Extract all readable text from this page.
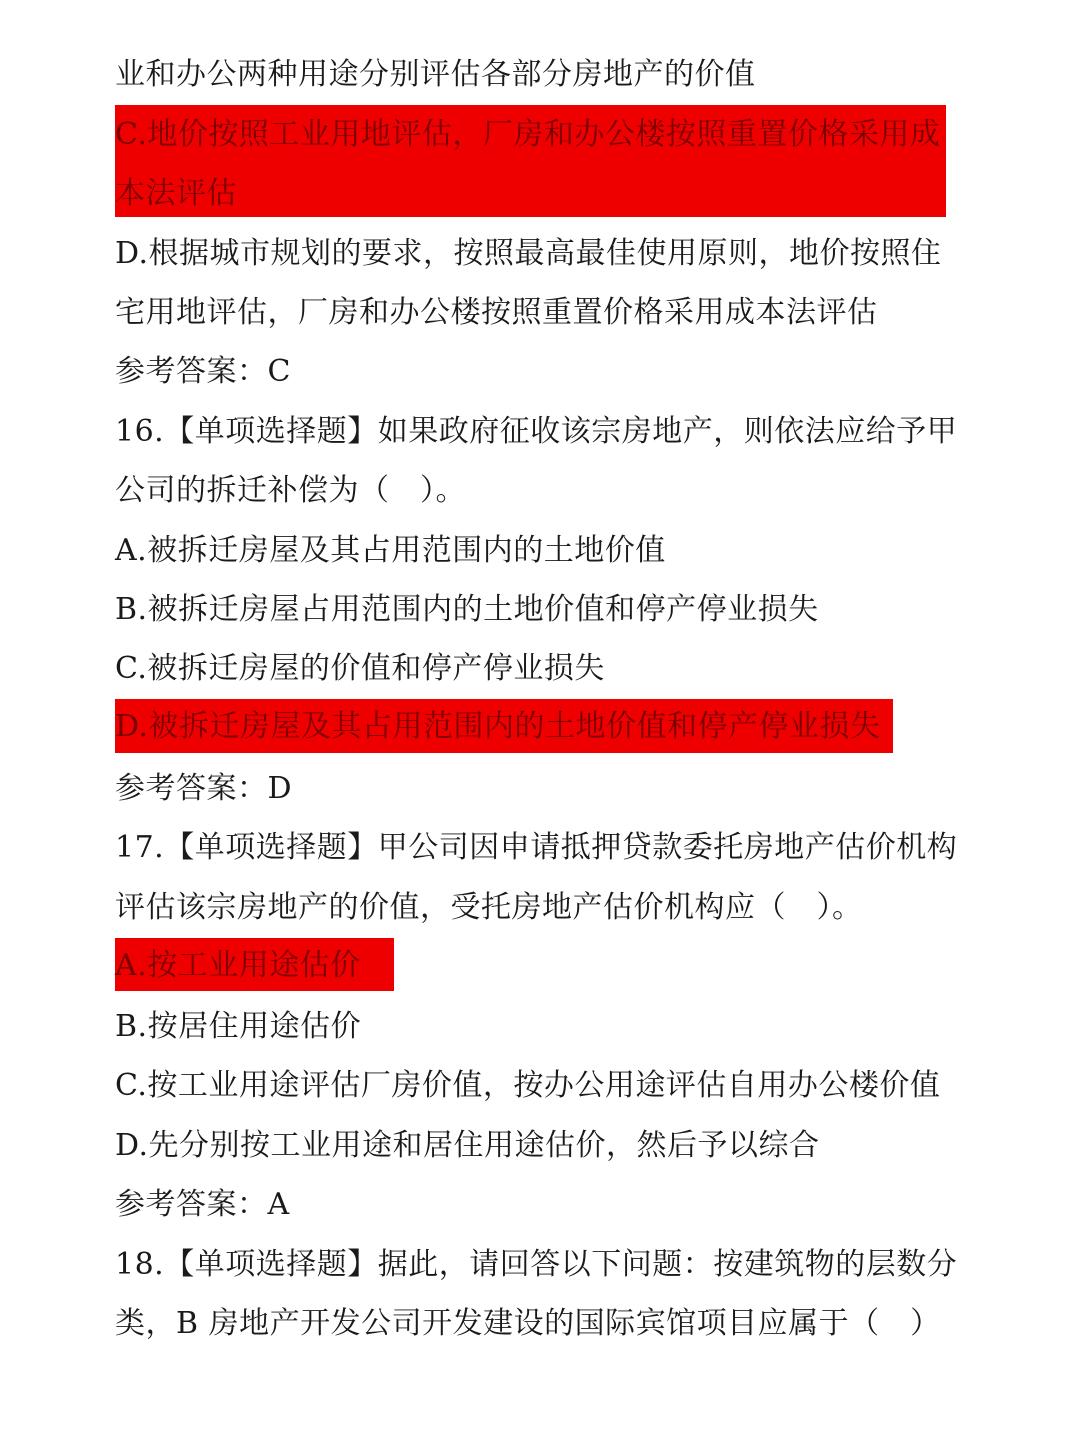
业和办公两种用途分别评估各部分房地产的价值
C.地价按照工业用地评估，厂房和办公楼按照重置价格采用成
本法评估
D.根据城市规划的要求，按照最高最佳使用原则，地价按照住
宅用地评估，厂房和办公楼按照重置价格采用成本法评估
参考答案：C
16.【单项选择题】如果政府征收该宗房地产，则依法应给予甲
公司的拆迁补偿为（　）。
A.被拆迁房屋及其占用范围内的土地价值
B.被拆迁房屋占用范围内的土地价值和停产停业损失
C.被拆迁房屋的价值和停产停业损失
D.被拆迁房屋及其占用范围内的土地价值和停产停业损失
参考答案：D
17.【单项选择题】甲公司因申请抵押贷款委托房地产估价机构
评估该宗房地产的价值，受托房地产估价机构应（　）。
A.按工业用途估价
B.按居住用途估价
C.按工业用途评估厂房价值，按办公用途评估自用办公楼价值
D.先分别按工业用途和居住用途估价，然后予以综合
参考答案：A
18.【单项选择题】据此，请回答以下问题：按建筑物的层数分
类，B 房地产开发公司开发建设的国际宾馆项目应属于（　）
